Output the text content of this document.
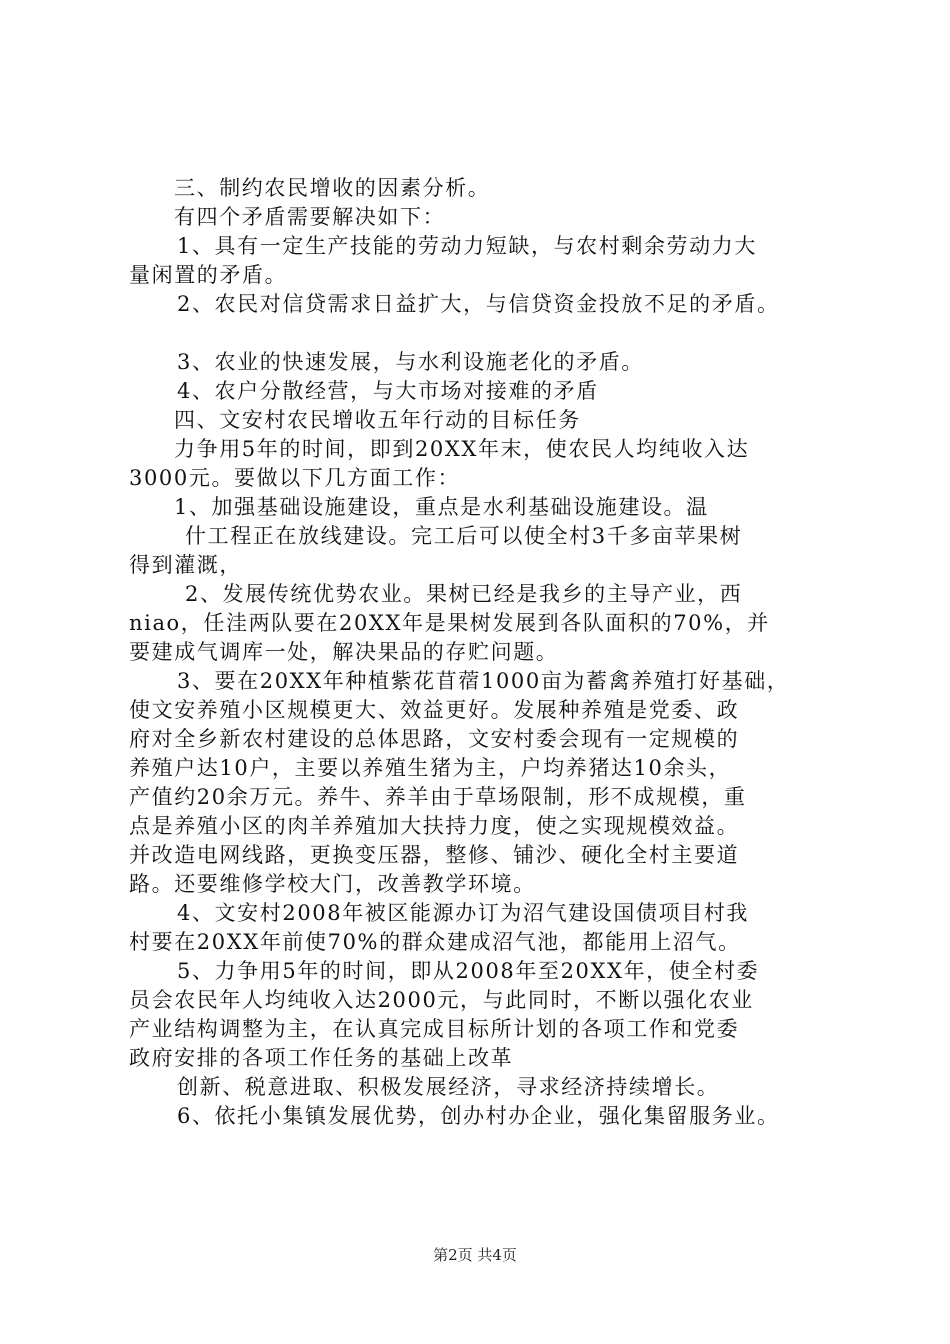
三、制约农民增收的因素分析。
有四个矛盾需要解决如下：
1、具有一定生产技能的劳动力短缺，与农村剩余劳动力大
量闲置的矛盾。
2、农民对信贷需求日益扩大，与信贷资金投放不足的矛盾。
3、农业的快速发展，与水利设施老化的矛盾。
4、农户分散经营，与大市场对接难的矛盾
四、文安村农民增收五年行动的目标任务
力争用5年的时间，即到20XX年末，使农民人均纯收入达
3000元。要做以下几方面工作：
1、加强基础设施建设，重点是水利基础设施建设。温
什工程正在放线建设。完工后可以使全村3千多亩苹果树
得到灌溉，
2、发展传统优势农业。果树已经是我乡的主导产业，西
niao，任洼两队要在20XX年是果树发展到各队面积的70%，并
要建成气调库一处，解决果品的存贮问题。
3、要在20XX年种植紫花苜蓿1000亩为蓄禽养殖打好基础，
使文安养殖小区规模更大、效益更好。发展种养殖是党委、政
府对全乡新农村建设的总体思路，文安村委会现有一定规模的
养殖户达10户，主要以养殖生猪为主，户均养猪达10余头，
产值约20余万元。养牛、养羊由于草场限制，形不成规模，重
点是养殖小区的肉羊养殖加大扶持力度，使之实现规模效益。
并改造电网线路，更换变压器，整修、铺沙、硬化全村主要道
路。还要维修学校大门，改善教学环境。
4、文安村2008年被区能源办订为沼气建设国债项目村我
村要在20XX年前使70%的群众建成沼气池，都能用上沼气。
5、力争用5年的时间，即从2008年至20XX年，使全村委
员会农民年人均纯收入达2000元，与此同时，不断以强化农业
产业结构调整为主，在认真完成目标所计划的各项工作和党委
政府安排的各项工作任务的基础上改革
创新、税意进取、积极发展经济，寻求经济持续增长。
6、依托小集镇发展优势，创办村办企业，强化集留服务业。
第2页 共4页
